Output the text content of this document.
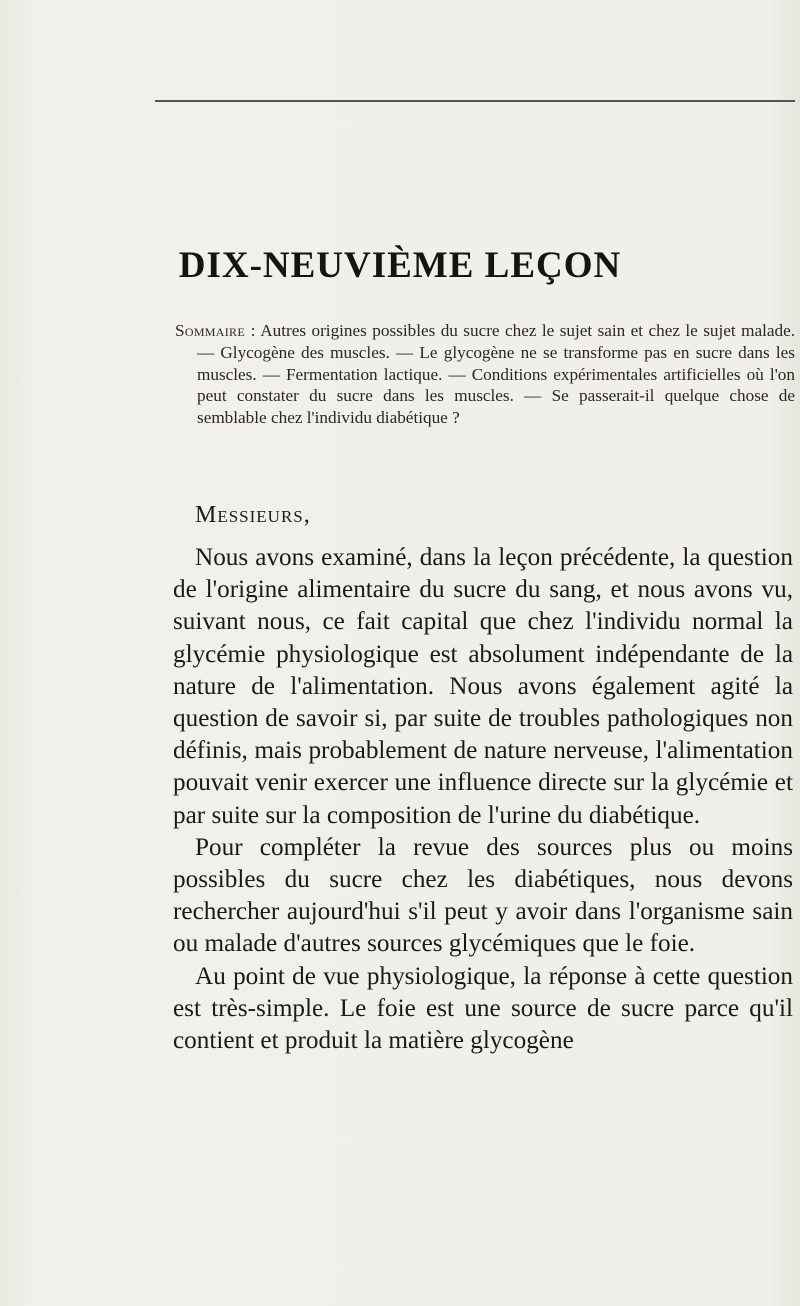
DIX-NEUVIÈME LEÇON

Sommaire : Autres origines possibles du sucre chez le sujet sain et chez le sujet malade. — Glycogène des muscles. — Le glycogène ne se transforme pas en sucre dans les muscles. — Fermentation lactique. — Conditions expérimentales artificielles où l'on peut constater du sucre dans les muscles. — Se passerait-il quelque chose de semblable chez l'individu diabétique ?

Messieurs,

Nous avons examiné, dans la leçon précédente, la question de l'origine alimentaire du sucre du sang, et nous avons vu, suivant nous, ce fait capital que chez l'individu normal la glycémie physiologique est absolument indépendante de la nature de l'alimentation. Nous avons également agité la question de savoir si, par suite de troubles pathologiques non définis, mais probablement de nature nerveuse, l'alimentation pouvait venir exercer une influence directe sur la glycémie et par suite sur la composition de l'urine du diabétique.

Pour compléter la revue des sources plus ou moins possibles du sucre chez les diabétiques, nous devons rechercher aujourd'hui s'il peut y avoir dans l'organisme sain ou malade d'autres sources glycémiques que le foie.

Au point de vue physiologique, la réponse à cette question est très-simple. Le foie est une source de sucre parce qu'il contient et produit la matière glycogène
